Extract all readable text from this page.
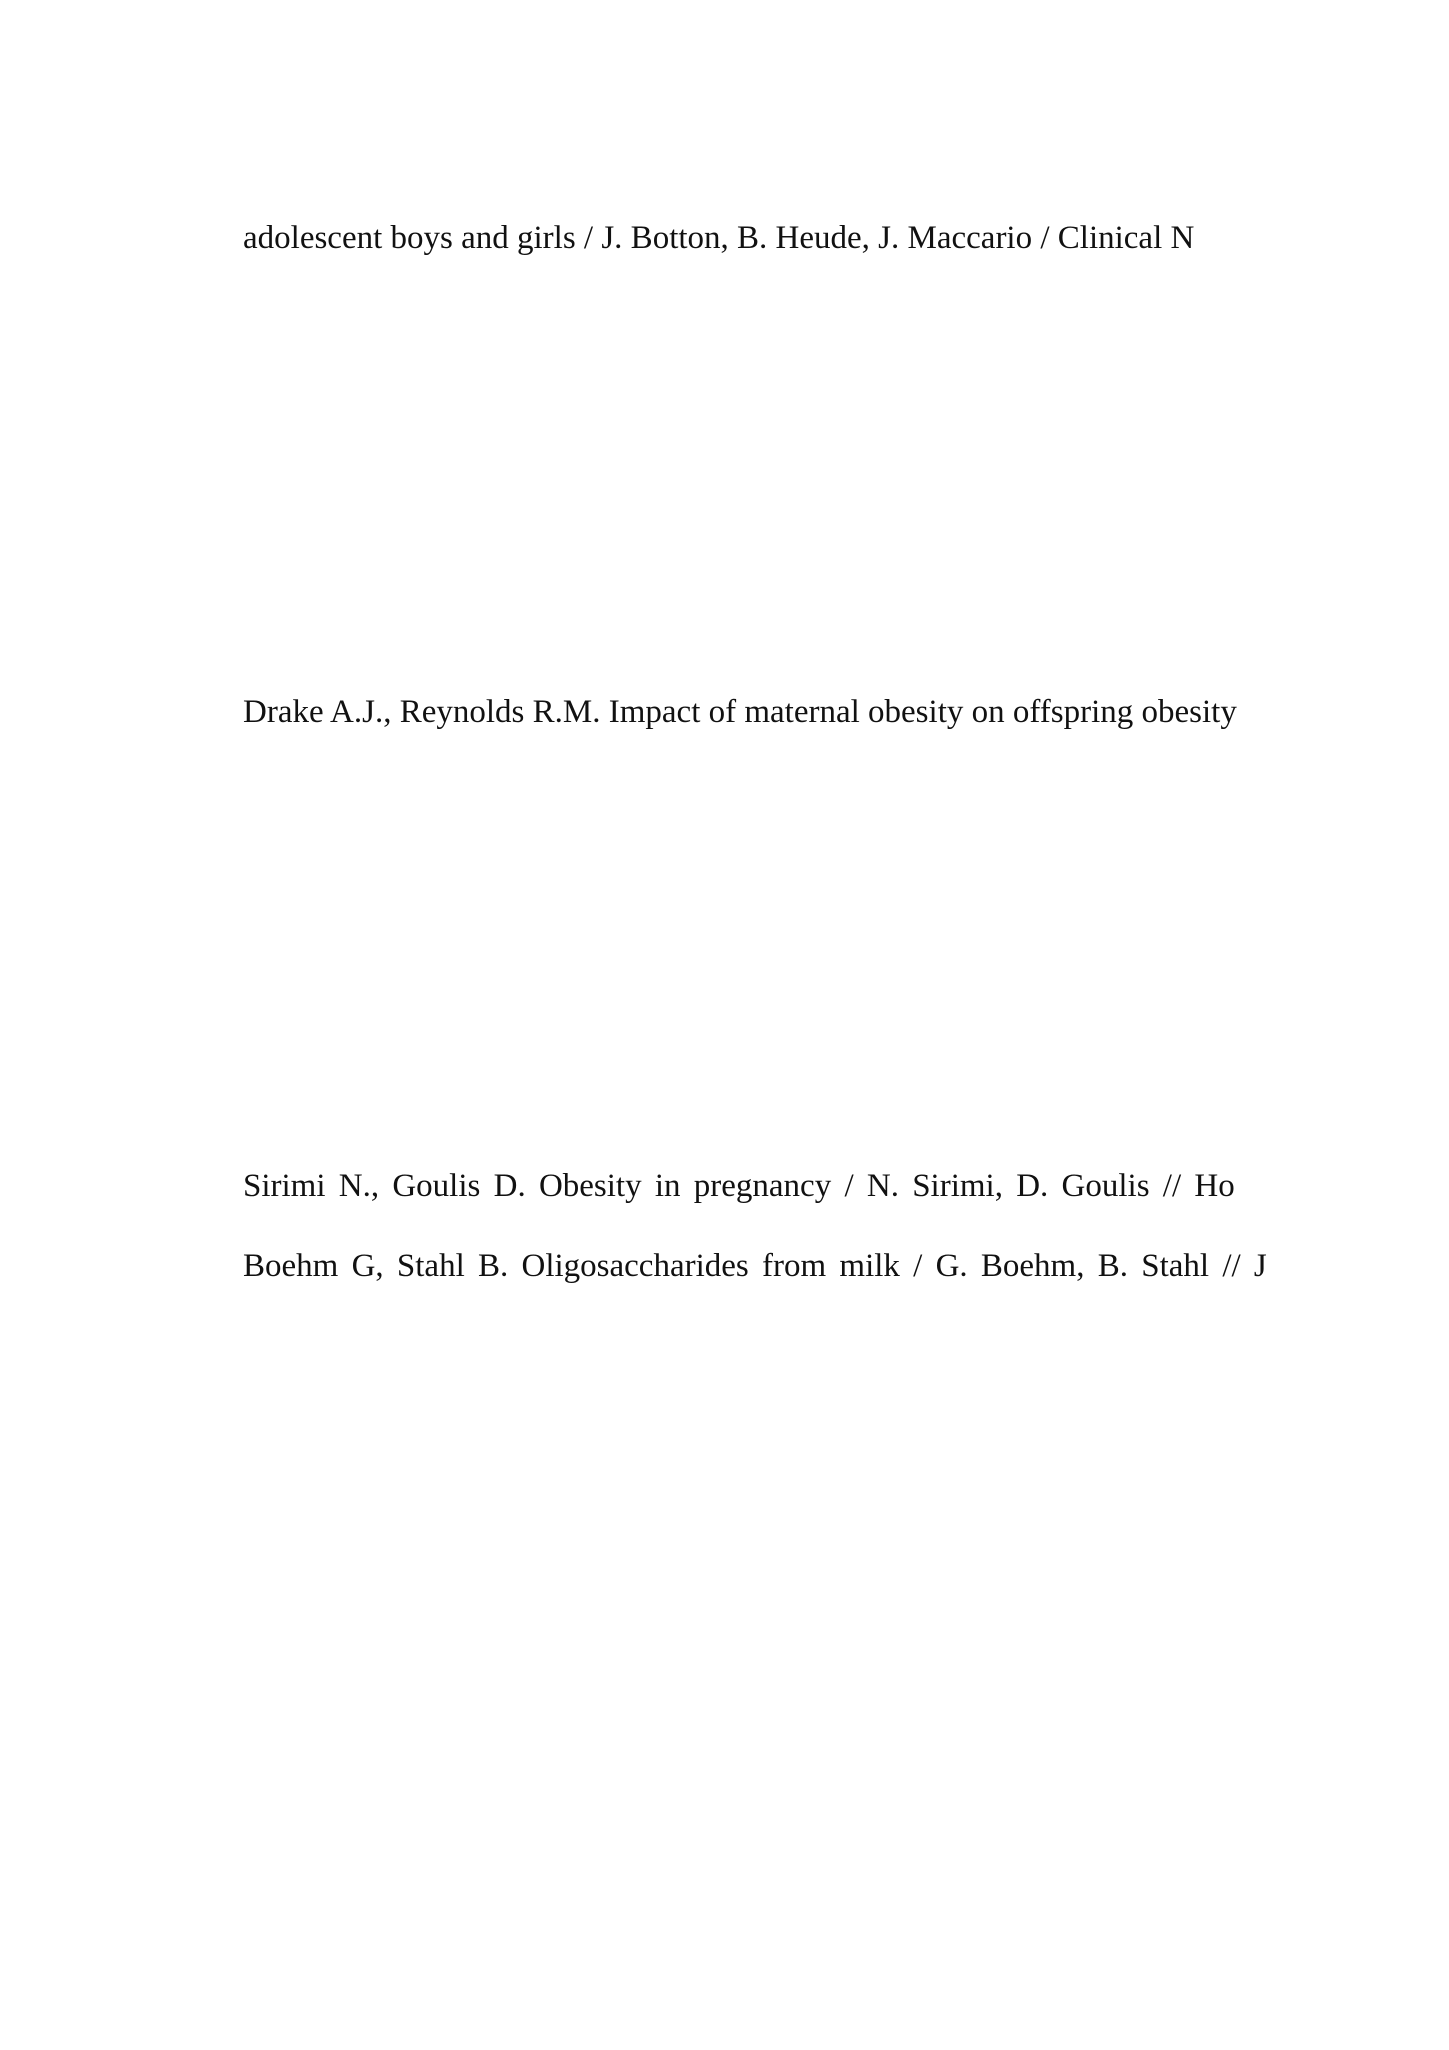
adolescent boys and girls / J. Botton, B. Heude, J. Maccario / Clinical N
Drake A.J., Reynolds R.M. Impact of maternal obesity on offspring obesity
Sirimi N., Goulis D. Obesity in pregnancy / N. Sirimi, D. Goulis // Ho
Boehm G, Stahl B. Oligosaccharides from milk / G. Boehm, B. Stahl // J
